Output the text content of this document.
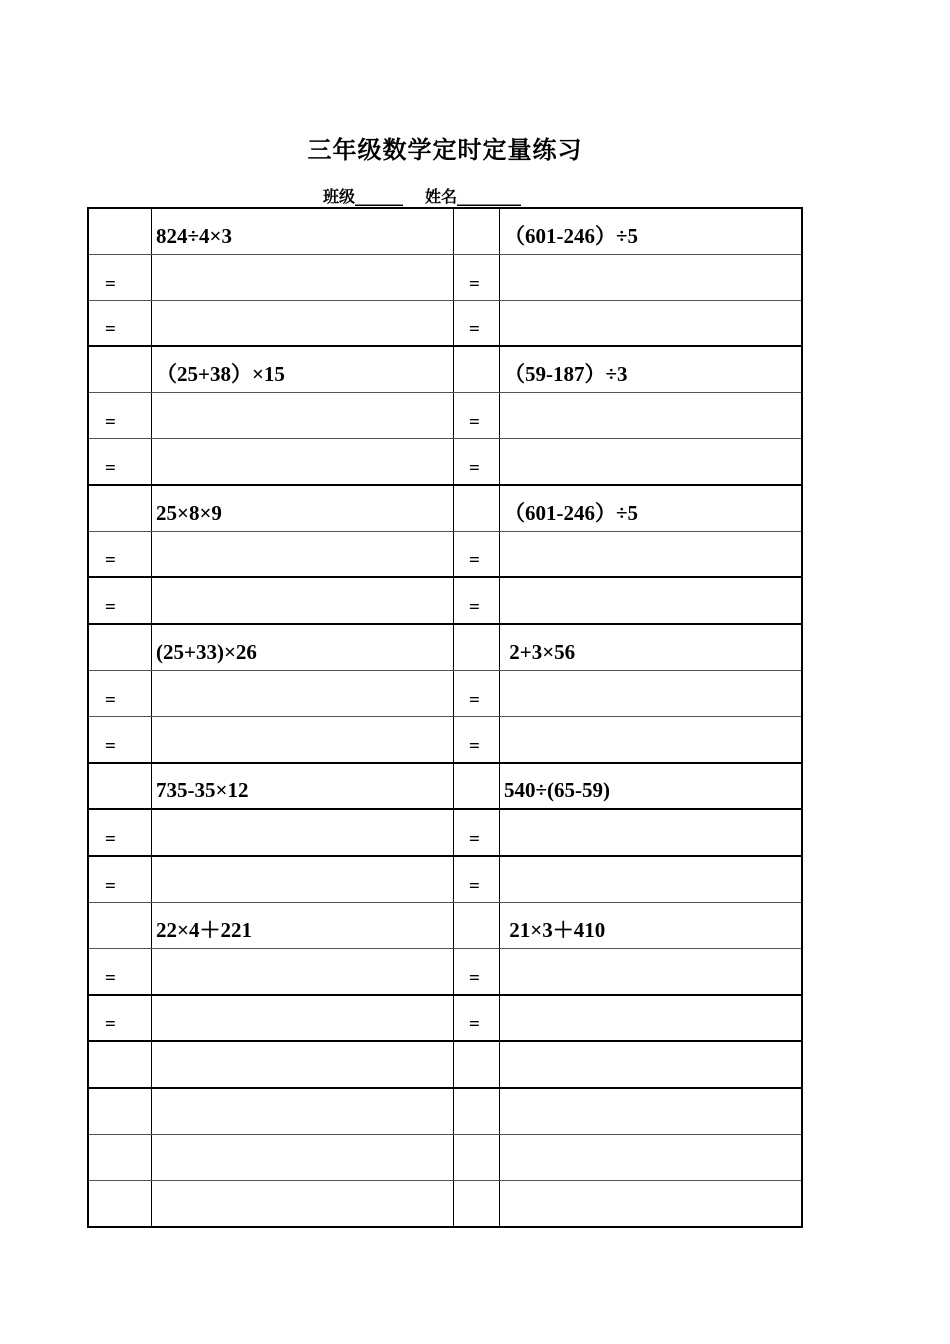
三年级数学定时定量练习
班级______ 姓名________

	824÷4×3		（601-246）÷5

=		=	

=		=	

	（25+38）×15		（59-187）÷3

=		=	

=		=	

	25×8×9		（601-246）÷5

=		=	

=		=	

	(25+33)×26		2+3×56

=		=	

=		=	

	735-35×12		540÷(65-59)

=		=	

=		=	

	22×4＋221		21×3＋410

=		=	

=		=	
